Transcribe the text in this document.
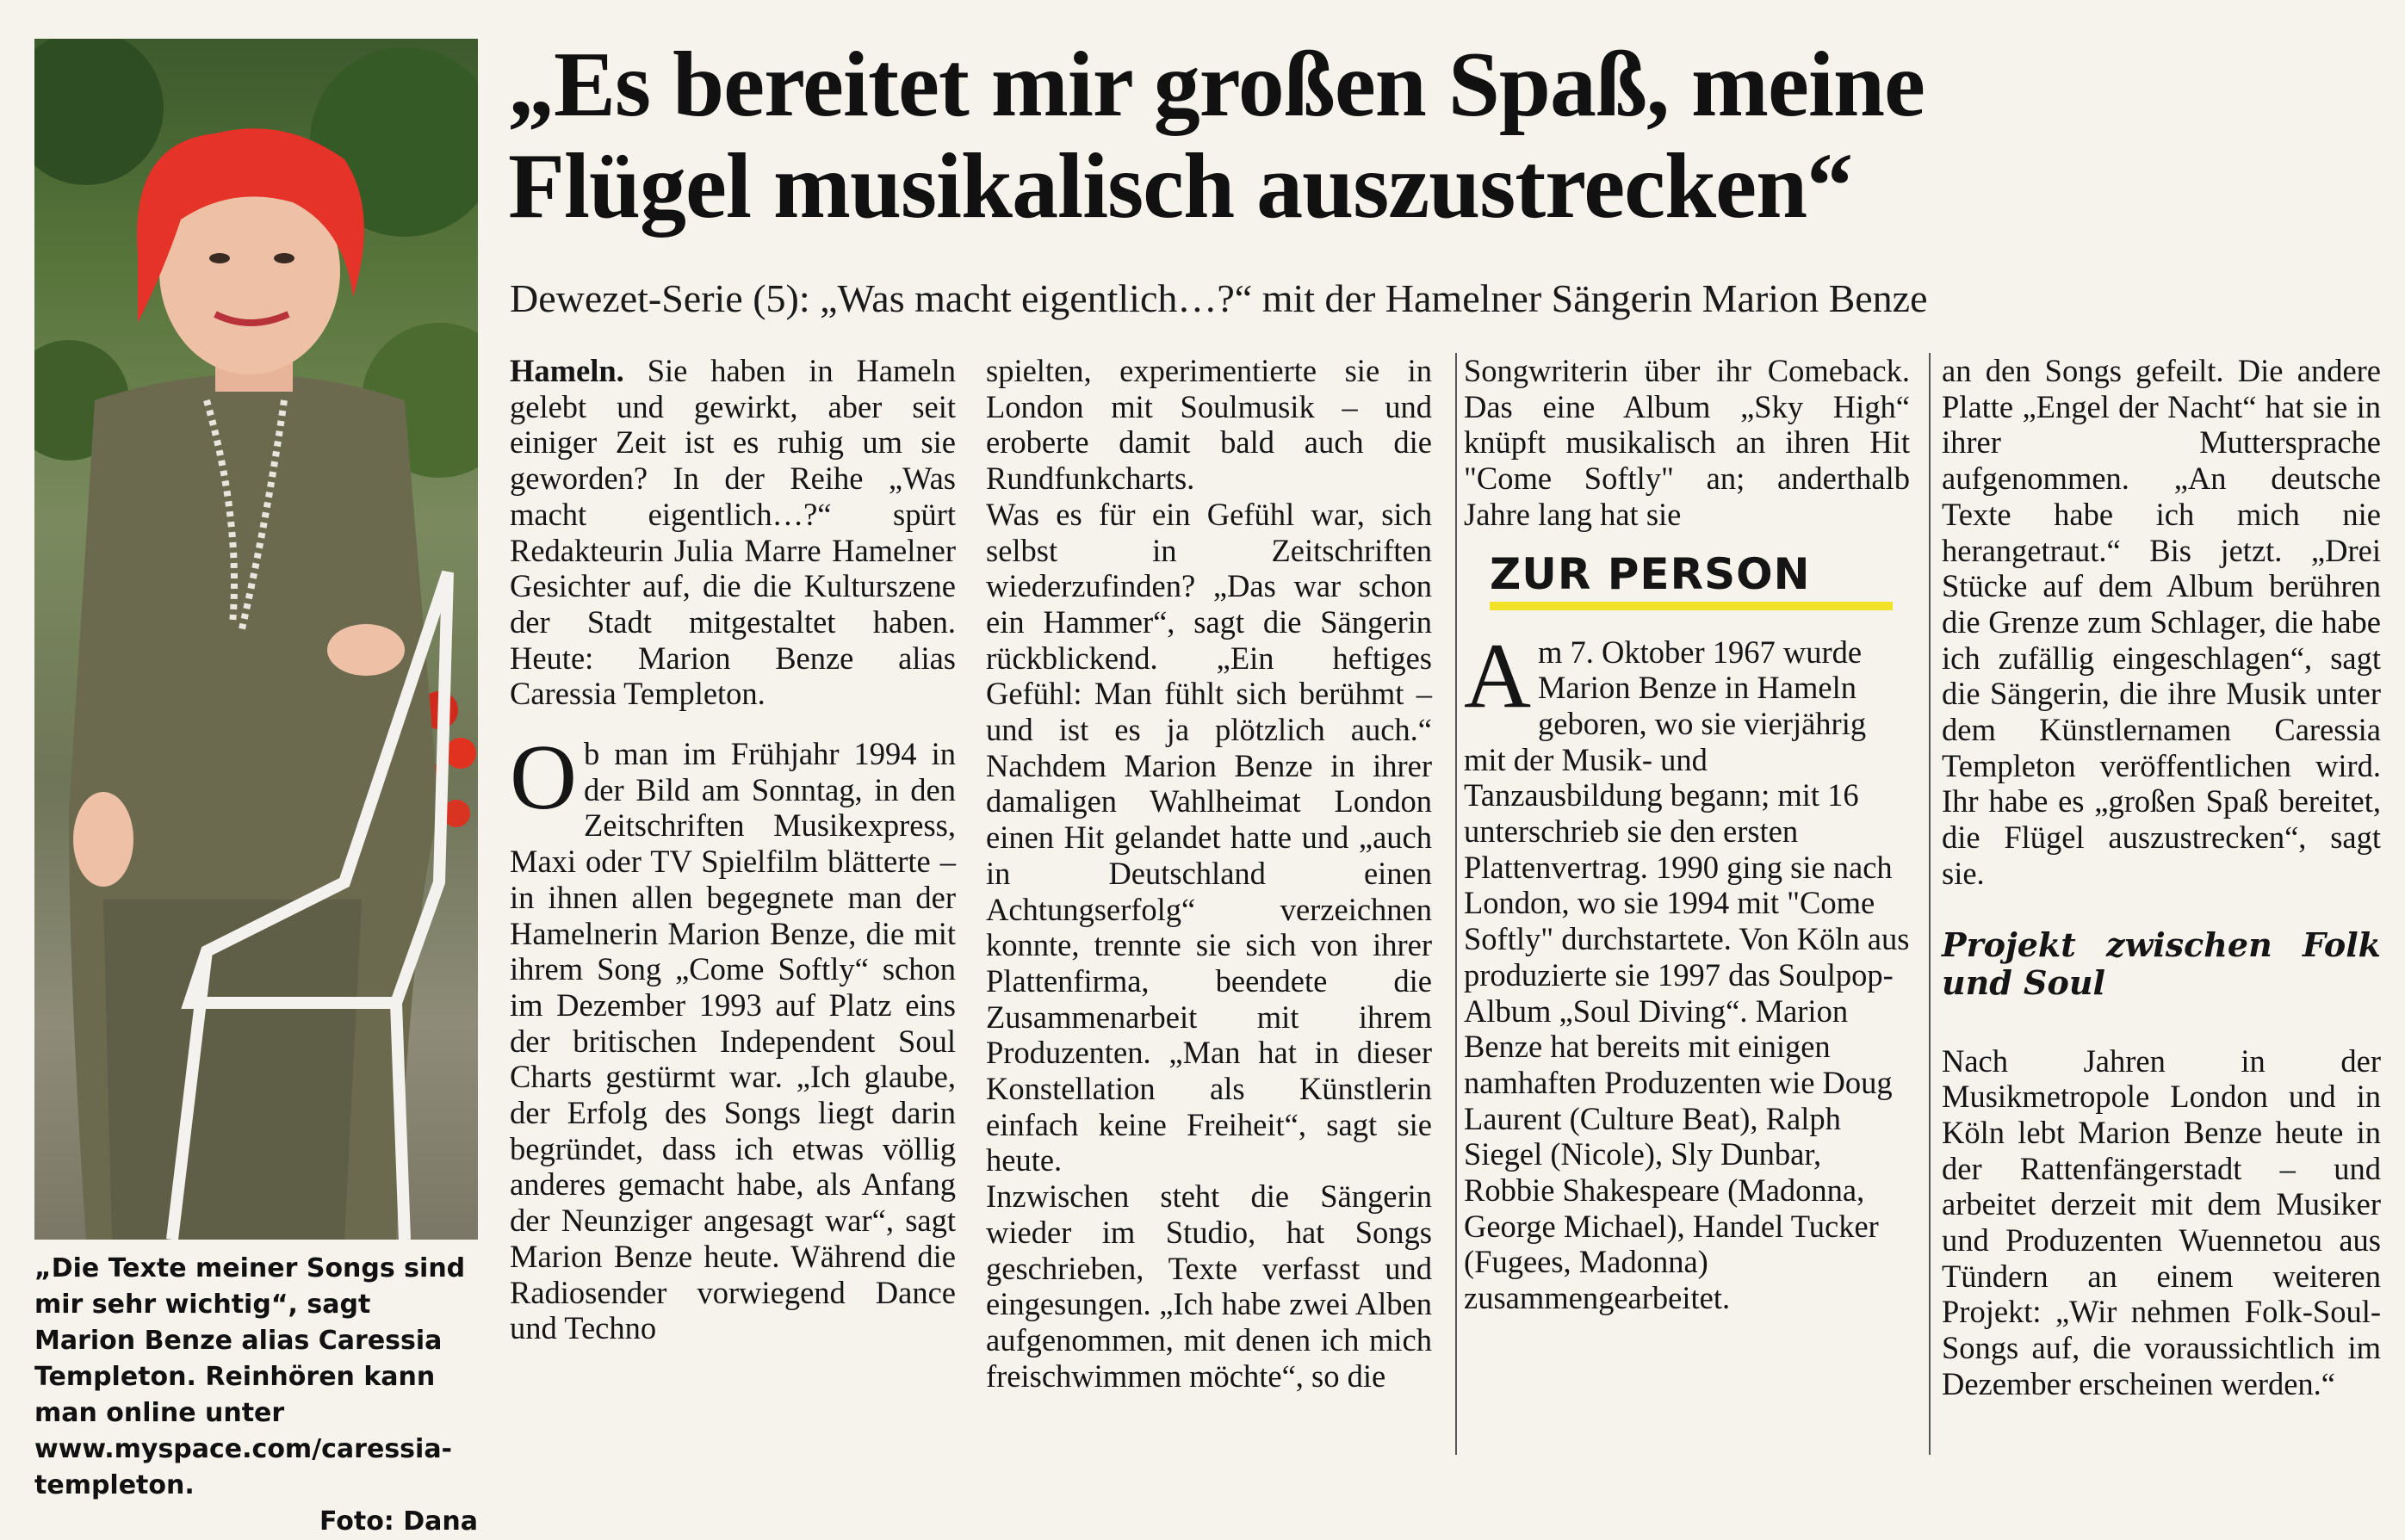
„Die Texte meiner Songs sind mir sehr wichtig“, sagt Marion Benze alias Caressia Templeton. Reinhören kann man online unter www.myspace.com/caressia-templeton.
Foto: Dana
„Es bereitet mir großen Spaß, meine
Flügel musikalisch auszustrecken“
Dewezet-Serie (5): „Was macht eigentlich…?“ mit der Hamelner Sängerin Marion Benze

Hameln. Sie haben in Hameln gelebt und gewirkt, aber seit einiger Zeit ist es ruhig um sie geworden? In der Reihe „Was macht eigentlich…?“ spürt Redakteurin Julia Marre Hamelner Gesichter auf, die die Kulturszene der Stadt mitgestaltet haben. Heute: Marion Benze alias Caressia Templeton.

O b man im Frühjahr 1994 in der Bild am Sonntag, in den Zeitschriften Musikexpress, Maxi oder TV Spielfilm blätterte – in ihnen allen begegnete man der Hamelnerin Marion Benze, die mit ihrem Song „Come Softly“ schon im Dezember 1993 auf Platz eins der britischen Independent Soul Charts gestürmt war. „Ich glaube, der Erfolg des Songs liegt darin begründet, dass ich etwas völlig anderes gemacht habe, als Anfang der Neunziger angesagt war“, sagt Marion Benze heute. Während die Radiosender vorwiegend Dance und Techno

spielten, experimentierte sie in London mit Soulmusik – und eroberte damit bald auch die Rundfunkcharts.

Was es für ein Gefühl war, sich selbst in Zeitschriften wiederzufinden? „Das war schon ein Hammer“, sagt die Sängerin rückblickend. „Ein heftiges Gefühl: Man fühlt sich berühmt – und ist es ja plötzlich auch.“ Nachdem Marion Benze in ihrer damaligen Wahlheimat London einen Hit gelandet hatte und „auch in Deutschland einen Achtungserfolg“ verzeichnen konnte, trennte sie sich von ihrer Plattenfirma, beendete die Zusammenarbeit mit ihrem Produzenten. „Man hat in dieser Konstellation als Künstlerin einfach keine Freiheit“, sagt sie heute.

Inzwischen steht die Sängerin wieder im Studio, hat Songs geschrieben, Texte verfasst und eingesungen. „Ich habe zwei Alben aufgenommen, mit denen ich mich freischwimmen möchte“, so die

Songwriterin über ihr Comeback. Das eine Album „Sky High“ knüpft musikalisch an ihren Hit "Come Softly" an; anderthalb Jahre lang hat sie

ZUR PERSON

A m 7. Oktober 1967 wurde Marion Benze in Hameln geboren, wo sie vierjährig mit der Musik- und Tanzausbildung begann; mit 16 unterschrieb sie den ersten Plattenvertrag. 1990 ging sie nach London, wo sie 1994 mit "Come Softly" durchstartete. Von Köln aus produzierte sie 1997 das Soulpop-Album „Soul Diving“. Marion Benze hat bereits mit einigen namhaften Produzenten wie Doug Laurent (Culture Beat), Ralph Siegel (Nicole), Sly Dunbar, Robbie Shakespeare (Madonna, George Michael), Handel Tucker (Fugees, Madonna) zusammengearbeitet.

an den Songs gefeilt. Die andere Platte „Engel der Nacht“ hat sie in ihrer Muttersprache aufgenommen. „An deutsche Texte habe ich mich nie herangetraut.“ Bis jetzt. „Drei Stücke auf dem Album berühren die Grenze zum Schlager, die habe ich zufällig eingeschlagen“, sagt die Sängerin, die ihre Musik unter dem Künstlernamen Caressia Templeton veröffentlichen wird. Ihr habe es „großen Spaß bereitet, die Flügel auszustrecken“, sagt sie.

Projekt zwischen Folk und Soul

Nach Jahren in der Musikmetropole London und in Köln lebt Marion Benze heute in der Rattenfängerstadt – und arbeitet derzeit mit dem Musiker und Produzenten Wuennetou aus Tündern an einem weiteren Projekt: „Wir nehmen Folk-Soul-Songs auf, die voraussichtlich im Dezember erscheinen werden.“
